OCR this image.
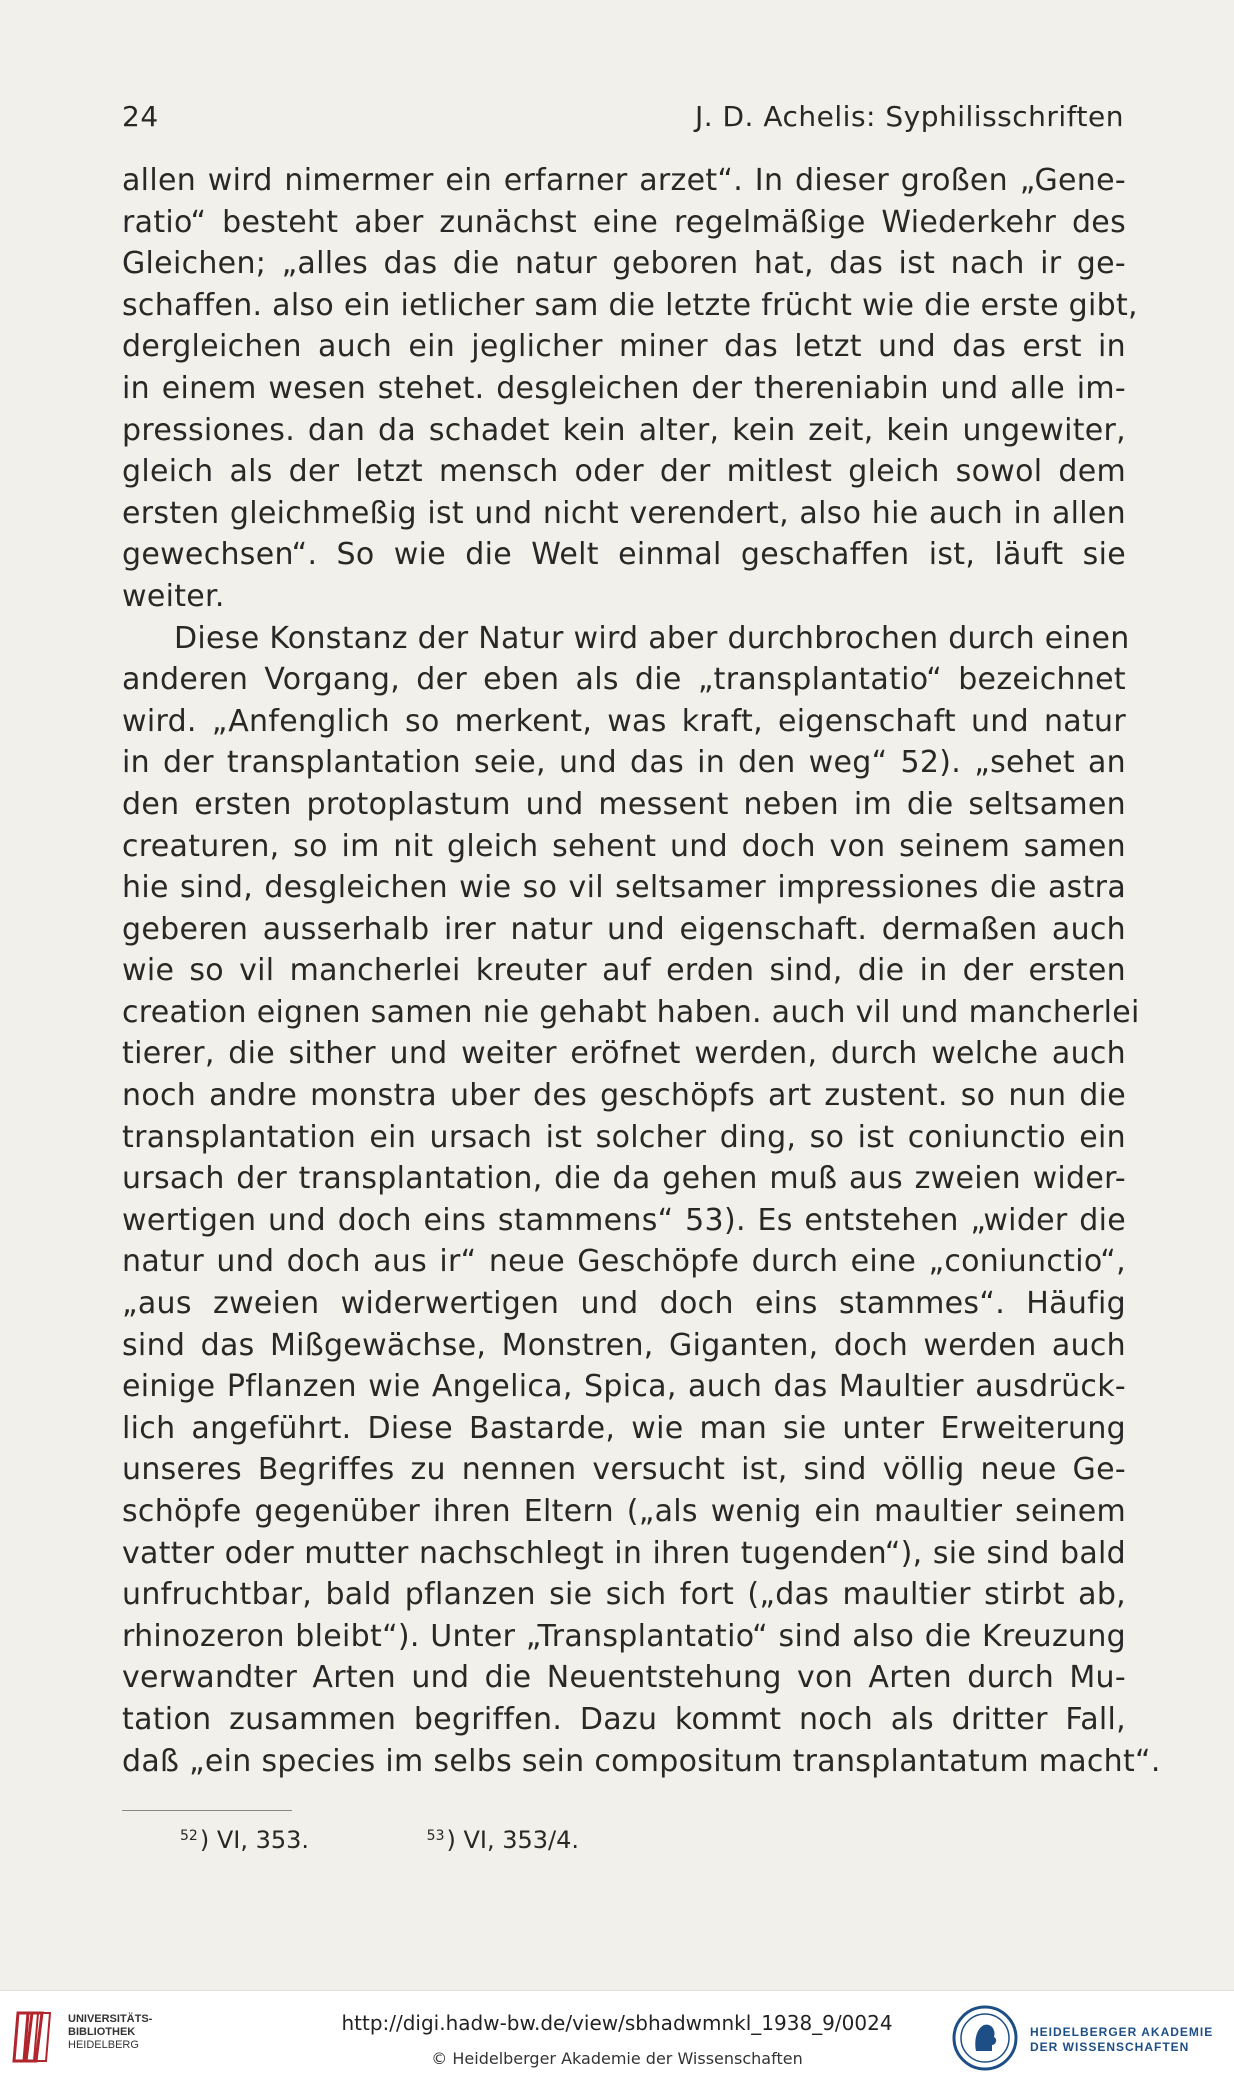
24	J. D. Achelis: Syphilisschriften
allen wird nimermer ein erfarner arzet“. In dieser großen „Gene-
ratio“ besteht aber zunächst eine regelmäßige Wiederkehr des
Gleichen; „alles das die natur geboren hat, das ist nach ir ge-
schaffen. also ein ietlicher sam die letzte frücht wie die erste gibt,
dergleichen auch ein jeglicher miner das letzt und das erst in
in einem wesen stehet. desgleichen der thereniabin und alle im-
pressiones. dan da schadet kein alter, kein zeit, kein ungewiter,
gleich als der letzt mensch oder der mitlest gleich sowol dem
ersten gleichmeßig ist und nicht verendert, also hie auch in allen
gewechsen“. So wie die Welt einmal geschaffen ist, läuft sie
weiter.
Diese Konstanz der Natur wird aber durchbrochen durch einen
anderen Vorgang, der eben als die „transplantatio“ bezeichnet
wird. „Anfenglich so merkent, was kraft, eigenschaft und natur
in der transplantation seie, und das in den weg“ 52). „sehet an
den ersten protoplastum und messent neben im die seltsamen
creaturen, so im nit gleich sehent und doch von seinem samen
hie sind, desgleichen wie so vil seltsamer impressiones die astra
geberen ausserhalb irer natur und eigenschaft. dermaßen auch
wie so vil mancherlei kreuter auf erden sind, die in der ersten
creation eignen samen nie gehabt haben. auch vil und mancherlei
tierer, die sither und weiter eröfnet werden, durch welche auch
noch andre monstra uber des geschöpfs art zustent. so nun die
transplantation ein ursach ist solcher ding, so ist coniunctio ein
ursach der transplantation, die da gehen muß aus zweien wider-
wertigen und doch eins stammens“ 53). Es entstehen „wider die
natur und doch aus ir“ neue Geschöpfe durch eine „coniunctio“,
„aus zweien widerwertigen und doch eins stammes“. Häufig
sind das Mißgewächse, Monstren, Giganten, doch werden auch
einige Pflanzen wie Angelica, Spica, auch das Maultier ausdrück-
lich angeführt. Diese Bastarde, wie man sie unter Erweiterung
unseres Begriffes zu nennen versucht ist, sind völlig neue Ge-
schöpfe gegenüber ihren Eltern („als wenig ein maultier seinem
vatter oder mutter nachschlegt in ihren tugenden“), sie sind bald
unfruchtbar, bald pflanzen sie sich fort („das maultier stirbt ab,
rhinozeron bleibt“). Unter „Transplantatio“ sind also die Kreuzung
verwandter Arten und die Neuentstehung von Arten durch Mu-
tation zusammen begriffen. Dazu kommt noch als dritter Fall,
daß „ein species im selbs sein compositum transplantatum macht“.
$^{52}$) VI, 353.	$^{53}$) VI, 353/4.
UNIVERSITÄTS-
BIBLIOTHEK
HEIDELBERG
http://digi.hadw-bw.de/view/sbhadwmnkl_1938_9/0024
© Heidelberger Akademie der Wissenschaften
HEIDELBERGER AKADEMIE
DER WISSENSCHAFTEN
